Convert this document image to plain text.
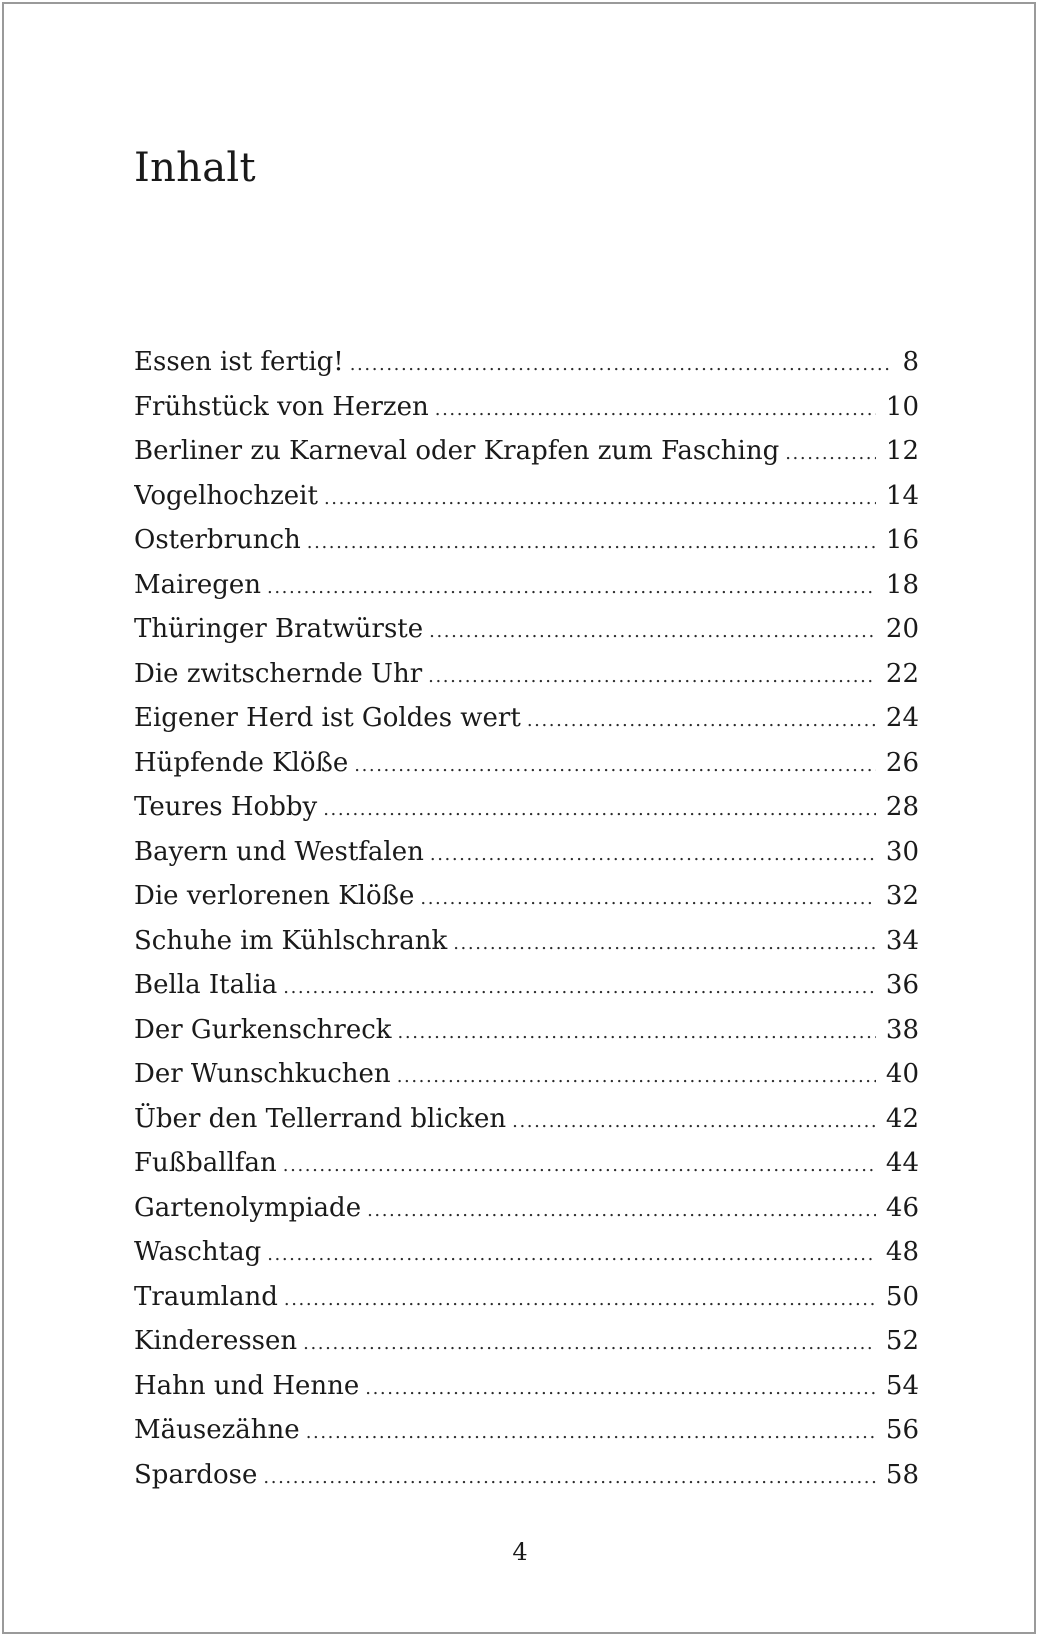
Inhalt
Essen ist fertig! .....	8
Frühstück von Herzen .....	10
Berliner zu Karneval oder Krapfen zum Fasching .....	12
Vogelhochzeit .....	14
Osterbrunch .....	16
Mairegen .....	18
Thüringer Bratwürste .....	20
Die zwitschernde Uhr .....	22
Eigener Herd ist Goldes wert .....	24
Hüpfende Klöße .....	26
Teures Hobby .....	28
Bayern und Westfalen .....	30
Die verlorenen Klöße .....	32
Schuhe im Kühlschrank .....	34
Bella Italia .....	36
Der Gurkenschreck .....	38
Der Wunschkuchen .....	40
Über den Tellerrand blicken .....	42
Fußballfan .....	44
Gartenolympiade .....	46
Waschtag .....	48
Traumland .....	50
Kinderessen .....	52
Hahn und Henne .....	54
Mäusezähne .....	56
Spardose .....	58
4
